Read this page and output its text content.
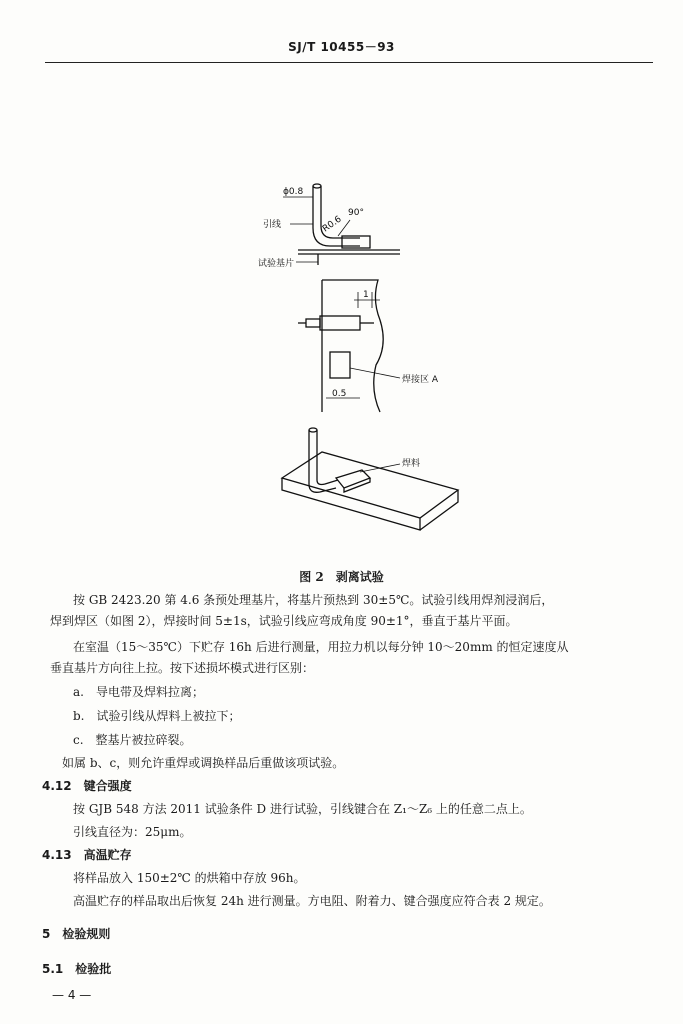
SJ/T 10455－93
ϕ0.8
R0.6
90°
引线
试验基片
1
0.5
焊接区 A
焊料
图 2　剥离试验
按 GB 2423.20 第 4.6 条预处理基片，将基片预热到 30±5℃。试验引线用焊剂浸润后，
焊到焊区（如图 2），焊接时间 5±1s，试验引线应弯成角度 90±1°，垂直于基片平面。
在室温（15～35℃）下贮存 16h 后进行测量，用拉力机以每分钟 10～20mm 的恒定速度从
垂直基片方向往上拉。按下述损坏模式进行区别：
a.　导电带及焊料拉离；
b.　试验引线从焊料上被拉下；
c.　整基片被拉碎裂。
如属 b、c，则允许重焊或调换样品后重做该项试验。
4.12　键合强度
按 GJB 548 方法 2011 试验条件 D 进行试验，引线键合在 Z₁～Z₆ 上的任意二点上。
引线直径为：25μm。
4.13　高温贮存
将样品放入 150±2℃ 的烘箱中存放 96h。
高温贮存的样品取出后恢复 24h 进行测量。方电阻、附着力、键合强度应符合表 2 规定。
5　检验规则
5.1　检验批
— 4 —
